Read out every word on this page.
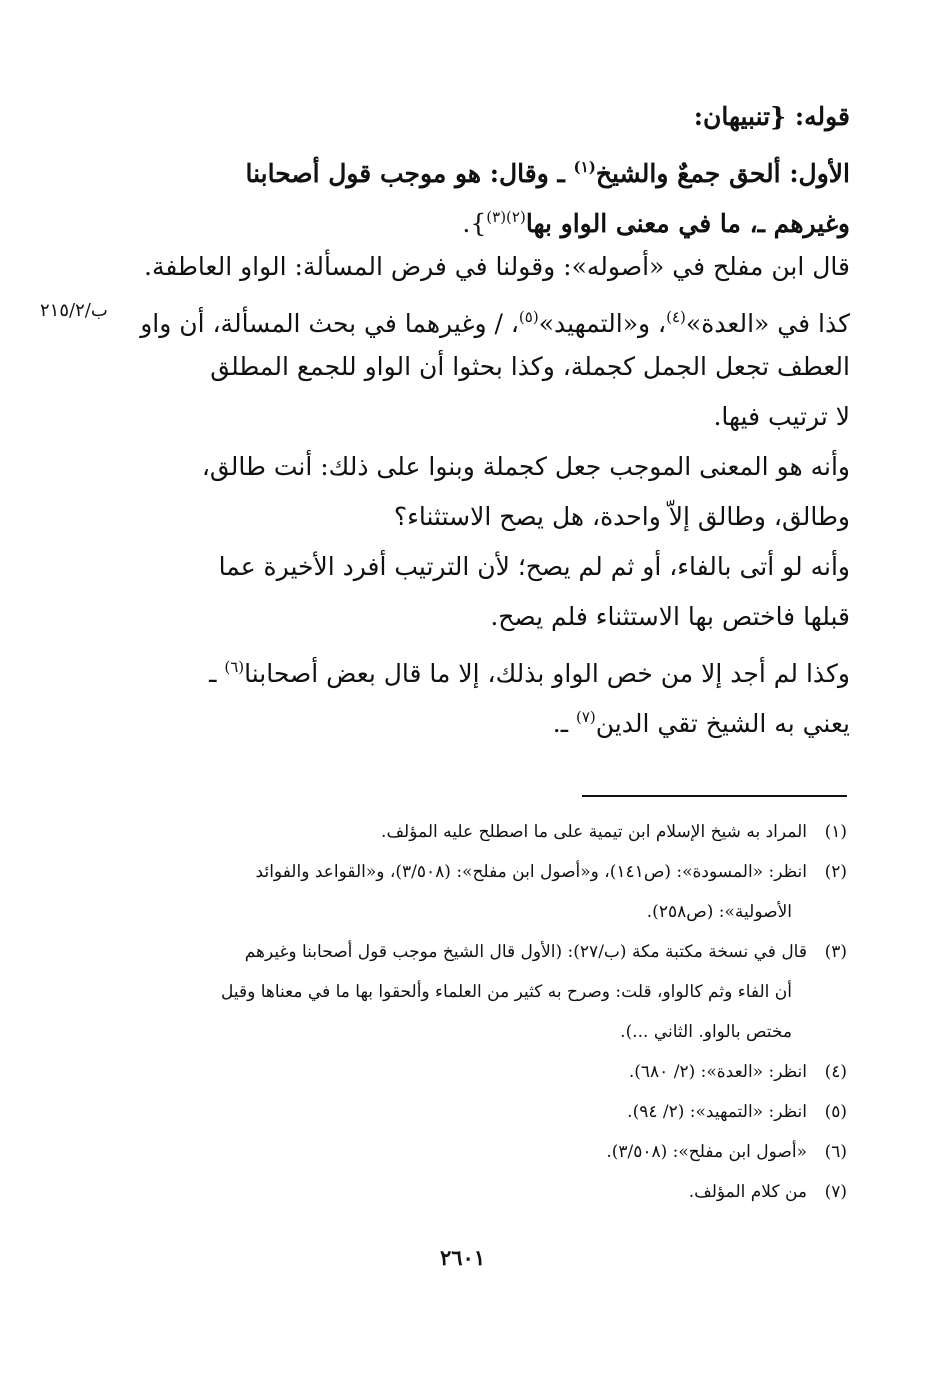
قوله: {تنبيهان:
الأول: ألحق جمعٌ والشيخ$^{(١)}$ ـ وقال: هو موجب قول أصحابنا
وغيرهم ـ، ما في معنى الواو بها$^{(٢)(٣)}$}.
قال ابن مفلح في «أصوله»: وقولنا في فرض المسألة: الواو العاطفة.
كذا في «العدة»$^{(٤)}$، و«التمهيد»$^{(٥)}$، / وغيرهما في بحث المسألة، أن واو
ب/٢١٥/٢
العطف تجعل الجمل كجملة، وكذا بحثوا أن الواو للجمع المطلق
لا ترتيب فيها.
وأنه هو المعنى الموجب جعل كجملة وبنوا على ذلك: أنت طالق،
وطالق، وطالق إلاّ واحدة، هل يصح الاستثناء؟
وأنه لو أتى بالفاء، أو ثم لم يصح؛ لأن الترتيب أفرد الأخيرة عما
قبلها فاختص بها الاستثناء فلم يصح.
وكذا لم أجد إلا من خص الواو بذلك، إلا ما قال بعض أصحابنا$^{(٦)}$ ـ
يعني به الشيخ تقي الدين$^{(٧)}$ ـ.
(١)المراد به شيخ الإسلام ابن تيمية على ما اصطلح عليه المؤلف.
(٢)انظر: «المسودة»: (ص١٤١)، و«أصول ابن مفلح»: (٣/٥٠٨)، و«القواعد والفوائد
الأصولية»: (ص٢٥٨).
(٣)قال في نسخة مكتبة مكة (ب/٢٧): (الأول قال الشيخ موجب قول أصحابنا وغيرهم
أن الفاء وثم كالواو، قلت: وصرح به كثير من العلماء وألحقوا بها ما في معناها وقيل
مختص بالواو. الثاني ...).
(٤)انظر: «العدة»: (٢/ ٦٨٠).
(٥)انظر: «التمهيد»: (٢/ ٩٤).
(٦)«أصول ابن مفلح»: (٣/٥٠٨).
(٧)من كلام المؤلف.
٢٦٠١
